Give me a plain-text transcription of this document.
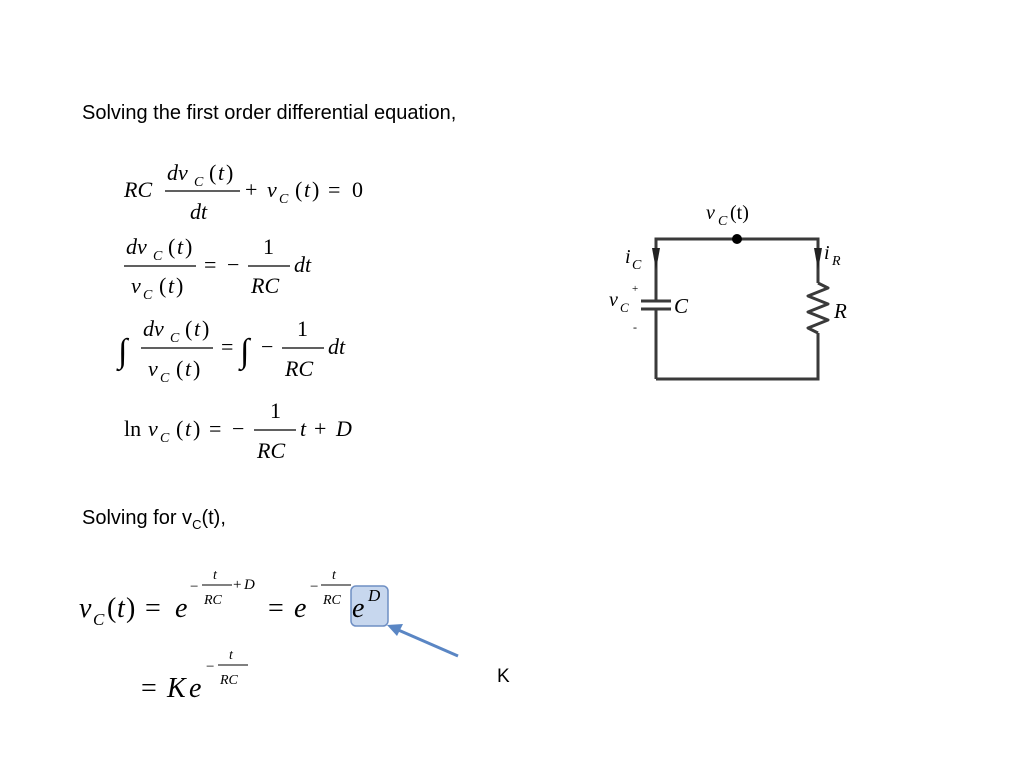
Solving the first order differential equation,
Solving for $v_C(t)$,
K
RC
dv C ( t )
dt
+ v C ( t ) = 0
dv C ( t )
v C ( t )
= −
1
RC
dt
∫
dv C ( t )
v C ( t )
= ∫ −
1
RC
dt
ln v C ( t ) = −
1
RC
t + D
v C ( t ) = e
−
t
RC
+ D
= e
−
t
RC e D
= K e
−
t
RC
v C (t)
i C
i R
v C
+
-
C	R
